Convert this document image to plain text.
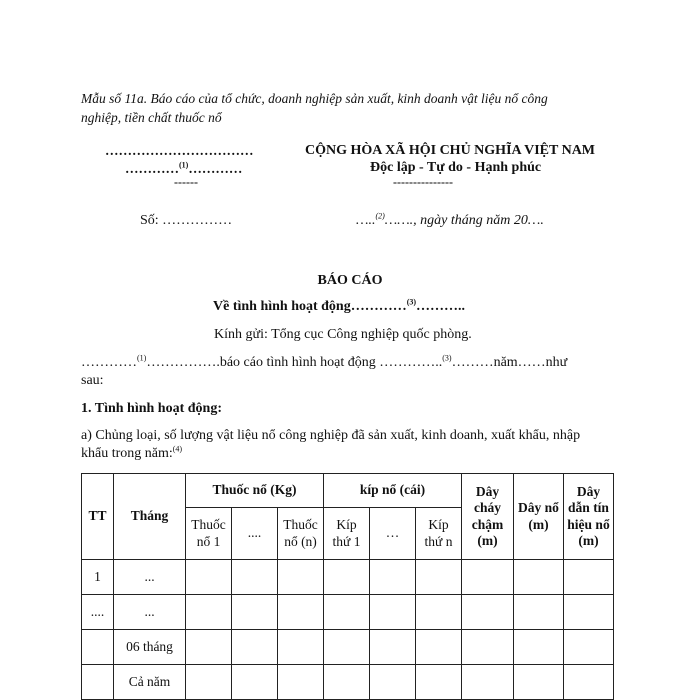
Mẫu số 11a. Báo cáo của tổ chức, doanh nghiệp sản xuất, kinh doanh vật liệu nổ công
nghiệp, tiền chất thuốc nổ
……………………………
…………$^{(1)}$…………
------
CỘNG HÒA XÃ HỘI CHỦ NGHĨA VIỆT NAM
Độc lập - Tự do - Hạnh phúc
---------------
Số: ……………	…..$^{(2)}$……., ngày tháng năm 20….
BÁO CÁO
Về tình hình hoạt động…………$^{(3)}$………..
Kính gửi: Tổng cục Công nghiệp quốc phòng.
…………$^{(1)}$…………….báo cáo tình hình hoạt động …………..$^{(3)}$………năm……như
sau:
1. Tình hình hoạt động:
a) Chủng loại, số lượng vật liệu nổ công nghiệp đã sản xuất, kinh doanh, xuất khẩu, nhập
khẩu trong năm:$^{(4)}$
TT	Tháng	Thuốc nổ (Kg)			kíp nổ (cái)			Dây cháy chậm (m)	Dây nổ (m)	Dây dẫn tín hiệu nổ (m)
		Thuốc nổ 1	....	Thuốc nổ (n)	Kíp thứ 1	…	Kíp thứ n			
1	...									
....	...									
	06 tháng									
	Cả năm									
